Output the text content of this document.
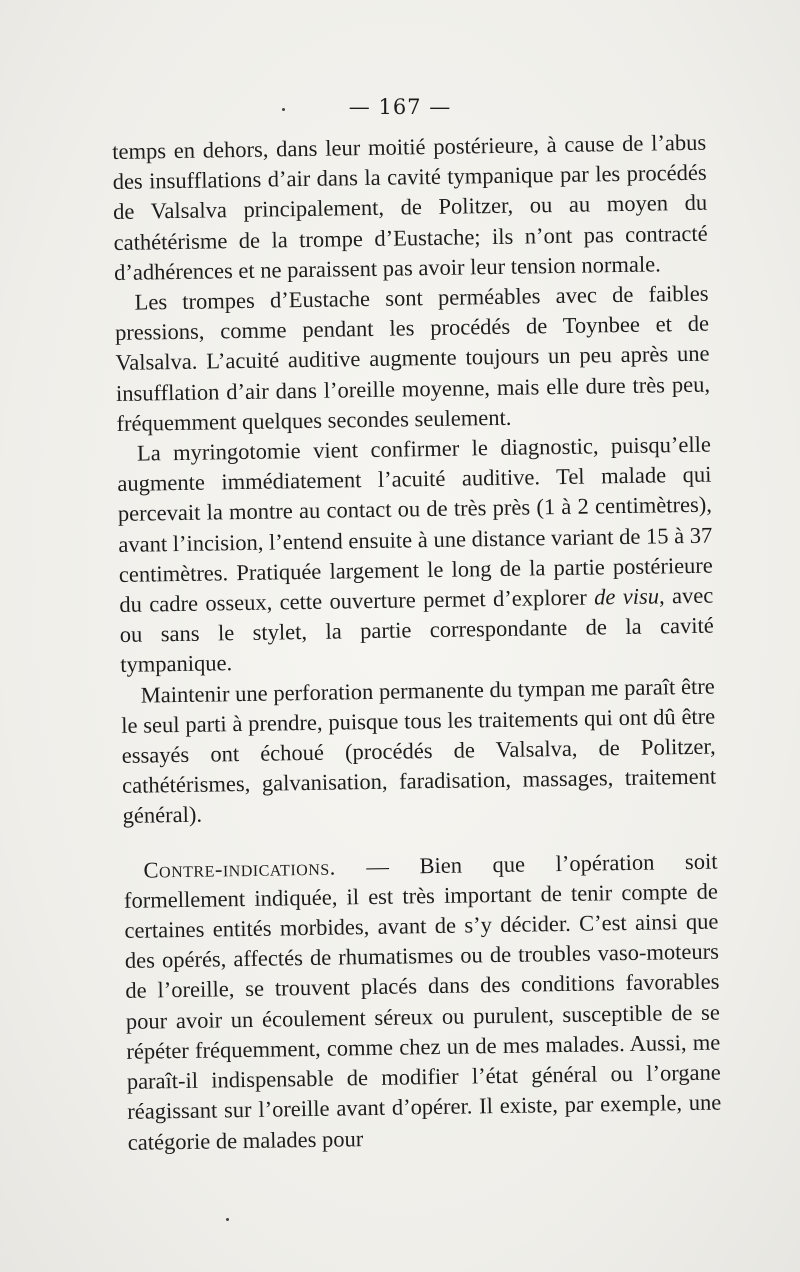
— 167 —

temps en dehors, dans leur moitié postérieure, à cause de l’abus des insufflations d’air dans la cavité tympanique par les procédés de Valsalva principalement, de Politzer, ou au moyen du cathétérisme de la trompe d’Eustache; ils n’ont pas contracté d’adhérences et ne paraissent pas avoir leur tension normale.

Les trompes d’Eustache sont perméables avec de faibles pressions, comme pendant les procédés de Toynbee et de Valsalva. L’acuité auditive augmente toujours un peu après une insufflation d’air dans l’oreille moyenne, mais elle dure très peu, fréquemment quelques secondes seulement.

La myringotomie vient confirmer le diagnostic, puisqu’elle augmente immédiatement l’acuité auditive. Tel malade qui percevait la montre au contact ou de très près (1 à 2 centimètres), avant l’incision, l’entend ensuite à une distance variant de 15 à 37 centimètres. Pratiquée largement le long de la partie postérieure du cadre osseux, cette ouverture permet d’explorer de visu, avec ou sans le stylet, la partie correspondante de la cavité tympanique.

Maintenir une perforation permanente du tympan me paraît être le seul parti à prendre, puisque tous les traitements qui ont dû être essayés ont échoué (procédés de Valsalva, de Politzer, cathétérismes, galvanisation, faradisation, massages, traitement général).

Contre-indications. — Bien que l’opération soit formellement indiquée, il est très important de tenir compte de certaines entités morbides, avant de s’y décider. C’est ainsi que des opérés, affectés de rhumatismes ou de troubles vaso-moteurs de l’oreille, se trouvent placés dans des conditions favorables pour avoir un écoulement séreux ou purulent, susceptible de se répéter fréquemment, comme chez un de mes malades. Aussi, me paraît-il indispensable de modifier l’état général ou l’organe réagissant sur l’oreille avant d’opérer. Il existe, par exemple, une catégorie de malades pour
